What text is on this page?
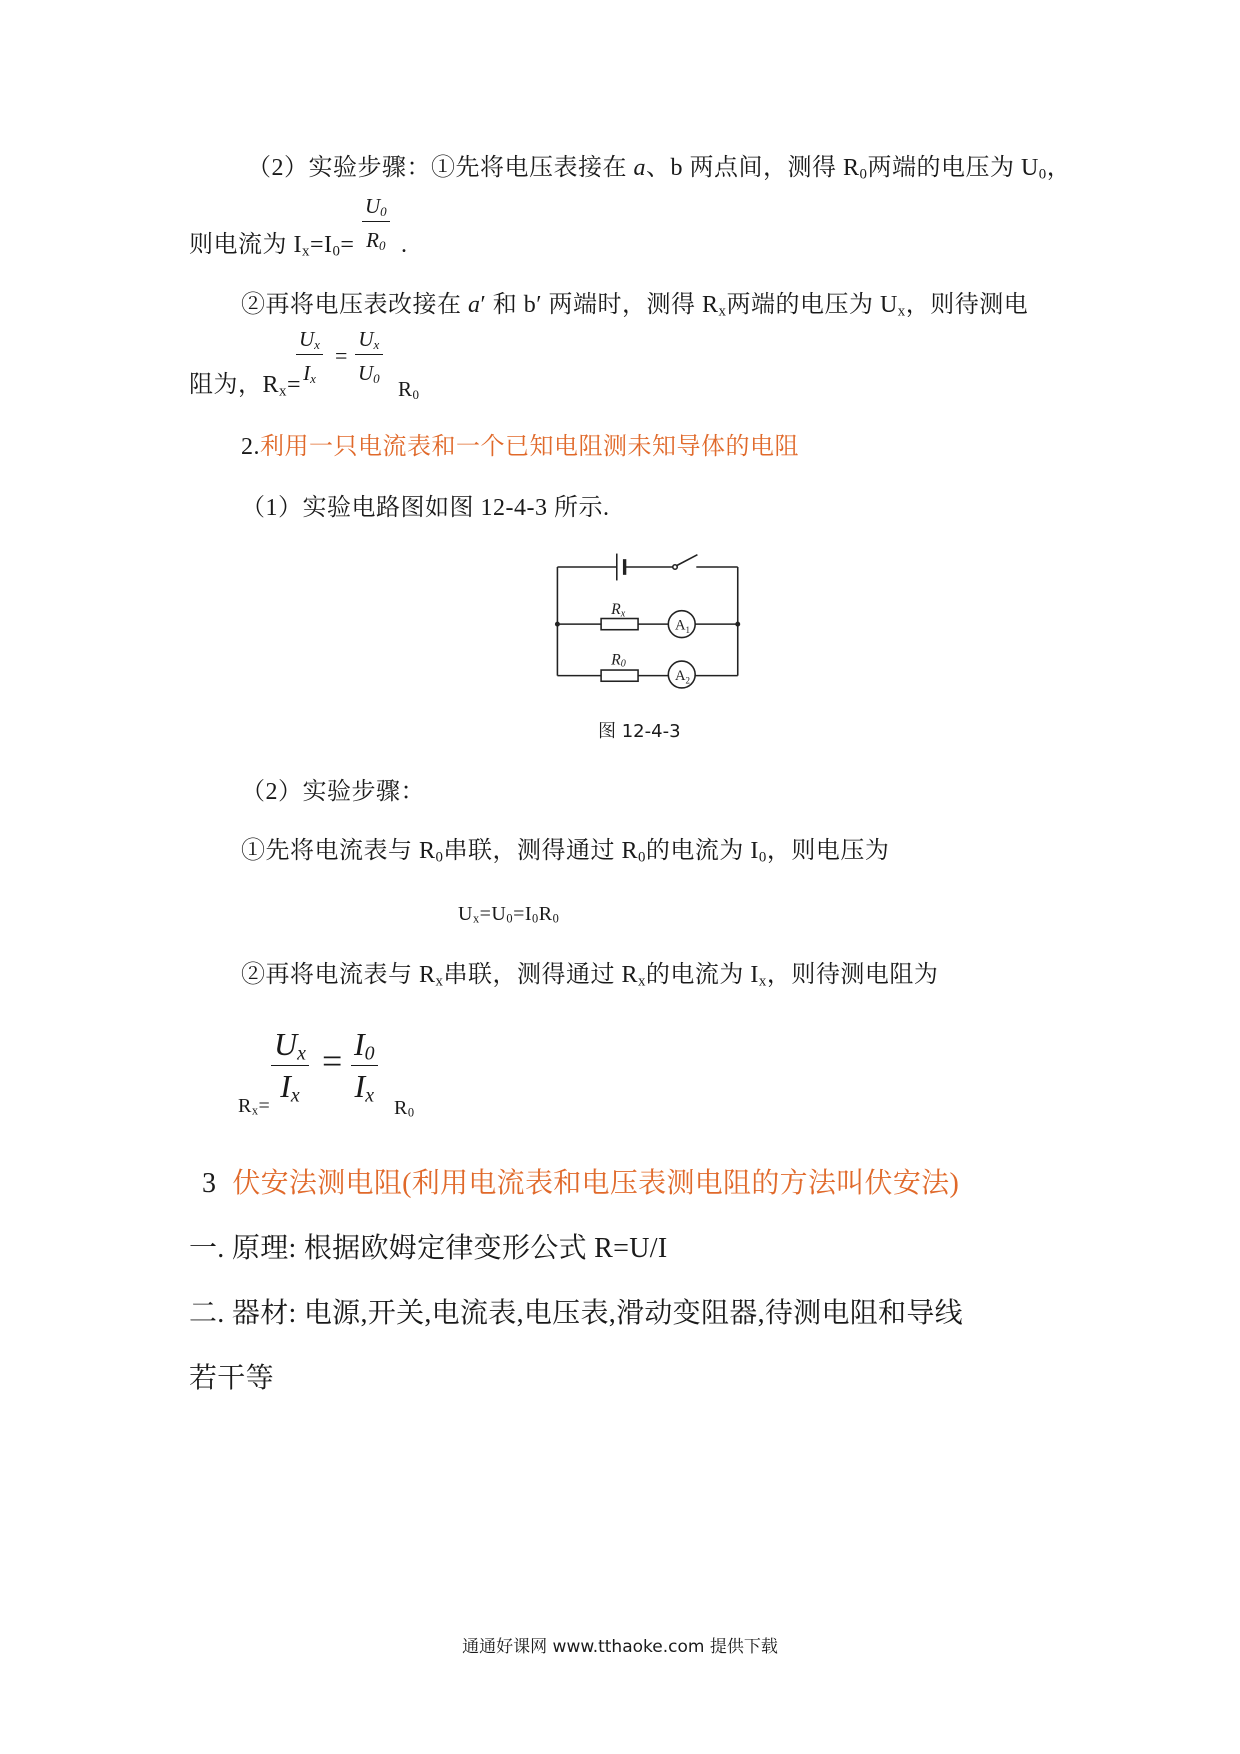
（2）实验步骤：①先将电压表接在 a、b 两点间，测得 $R_0$两端的电压为 $U_0$，
则电流为 $I_x=I_0=$
$U_0$
$R_0$ .
②再将电压表改接在 a′ 和 b′ 两端时，测得 $R_x$两端的电压为 $U_x$，则待测电
阻为，$R_x=$
$U_x$
$I_x$
=
$U_x$
$U_0$ $R_0$
2.利用一只电流表和一个已知电阻测未知导体的电阻
（1）实验电路图如图 12-4-3 所示.
Rx
$A_1$
R0
$A_2$
图 12-4-3
（2）实验步骤：
①先将电流表与 $R_0$串联，测得通过 $R_0$的电流为 $I_0$，则电压为
$U_x=U_0=I_0R_0$
②再将电流表与 $R_x$串联，测得通过 $R_x$的电流为 $I_x$，则待测电阻为
$R_x=$
$U_x$
$I_x$
= $I_0$
$I_x$
$R_0$
3 伏安法测电阻(利用电流表和电压表测电阻的方法叫伏安法)
一. 原理: 根据欧姆定律变形公式 R=U/I
二. 器材: 电源,开关,电流表,电压表,滑动变阻器,待测电阻和导线
若干等
通通好课网 www.tthaoke.com 提供下载
